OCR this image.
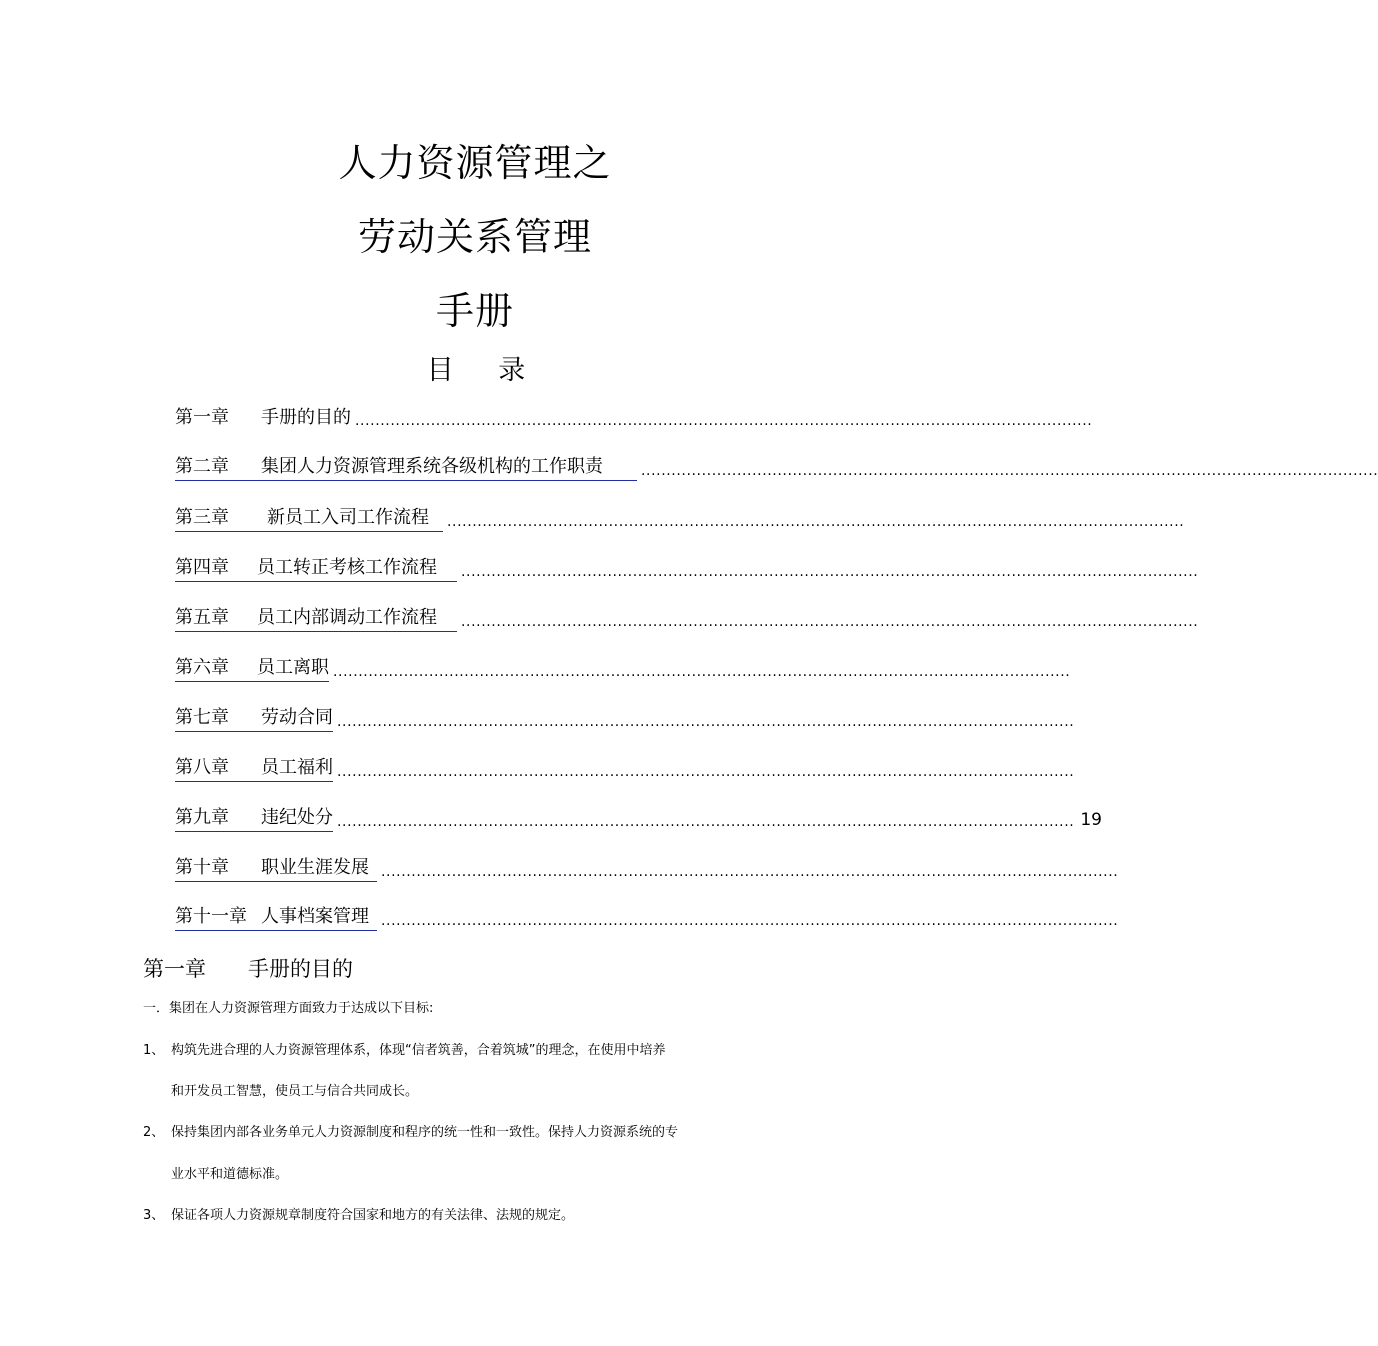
人力资源管理之
劳动关系管理
手册
目 录
第一章 手册的目的 ..................................................................................................................................................
第二章 集团人力资源管理系统各级机构的工作职责	..................................................................................................................................................
第三章 新员工入司工作流程	..................................................................................................................................................
第四章 员工转正考核工作流程	..................................................................................................................................................
第五章 员工内部调动工作流程	..................................................................................................................................................
第六章 员工离职 ..................................................................................................................................................
第七章 劳动合同 ..................................................................................................................................................
第八章 员工福利 ..................................................................................................................................................
第九章 违纪处分 .................................................................................................................................................. 19
第十章 职业生涯发展 ..................................................................................................................................................
第十一章 人事档案管理 ..................................................................................................................................................
第一章 手册的目的
一．集团在人力资源管理方面致力于达成以下目标:
1、 构筑先进合理的人力资源管理体系，体现“信者筑善，合着筑城”的理念，在使用中培养
和开发员工智慧，使员工与信合共同成长。
2、 保持集团内部各业务单元人力资源制度和程序的统一性和一致性。保持人力资源系统的专
业水平和道德标准。
3、 保证各项人力资源规章制度符合国家和地方的有关法律、法规的规定。
